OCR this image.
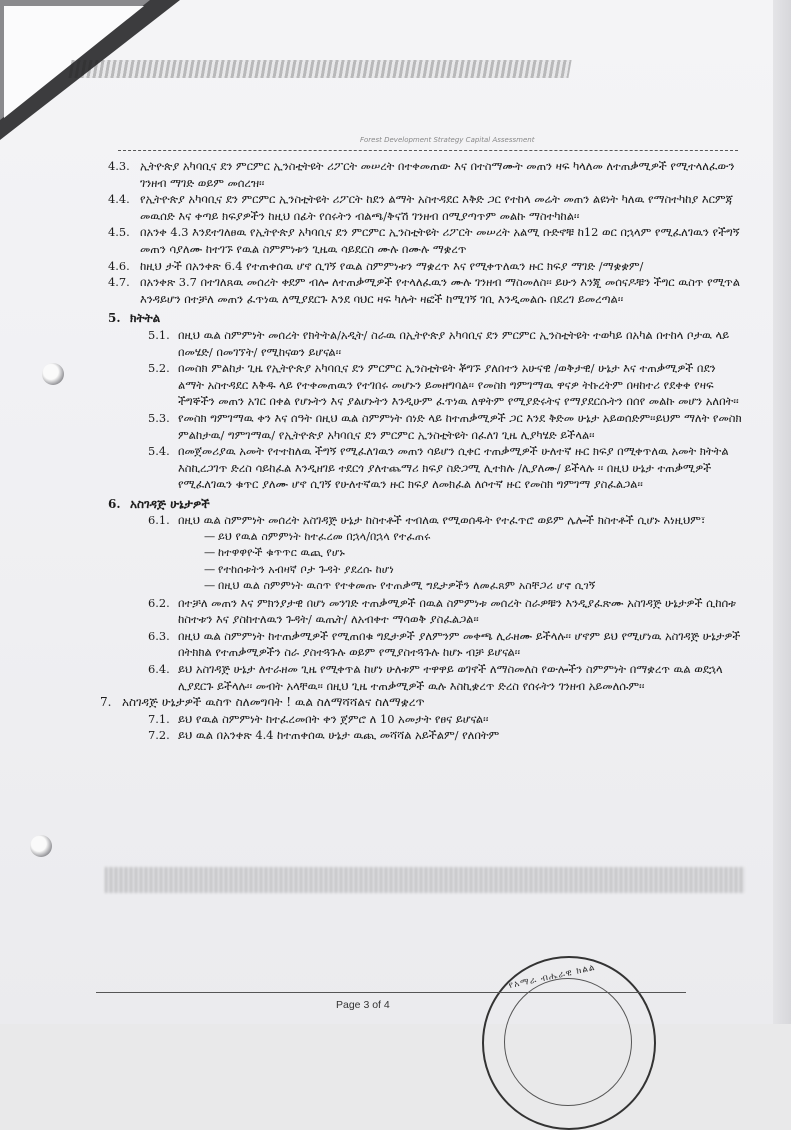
Forest Development Strategy Capital Assessment
4.3. ኢትዮጵያ አካባቢና ደን ምርምር ኢንስቲትዩት ሪፖርት መሠረት በተቀመጠው እና በተስማሙት መጠን ዛፍ ካላለመ ለተጠቃሚዎች የሚተላለፈውን ገንዘብ ማገድ ወይም መሰረዝ፡፡
4.4. የኢትዮጵያ አካባቢና ደን ምርምር ኢንስቲትዩት ሪፖርት ከደን ልማት አስተዳደር እቅድ ጋር የተከላ መሬት መጠን ልዩነት ካለዉ የማስተካከያ እርምጃ መዉሰድ እና ቀጣይ ክፍያዎችን ከዚህ በፊት የሰሩትን ብልጫ/ቅናሽ ገንዘብ በሚያጣጥም መልኩ ማስተካከል፡፡
4.5. በአንቀ 4.3 እንደተገለፀዉ የኢትዮጵያ አካባቢና ደን ምርምር ኢንስቲትዩት ሪፖርት መሠረት አልሚ ቡድኖቹ ከ12 ወር በኋላም የሚፈለገዉን የችግኝ መጠን ሳያለሙ ከተገኙ የዉል ስምምነቱን ጊዜዉ ሳይደርስ ሙሉ በሙሉ ማቋረጥ
4.6. ከዚህ ታች በአንቀጽ 6.4 የተጠቀሰዉ ሆኖ ሲገኝ የዉል ስምምነቱን ማቋረጥ እና የሚቀጥለዉን ዙር ክፍያ ማገድ /ማቋቋም/
4.7. በአንቀጽ 3.7 በተገለጸዉ መሰረት ቀደም ብሎ ለተጠቃሚዎች የተላለፈዉን ሙሉ ገንዘብ ማስመለስ፡፡ ይሁን እንጂ መሰናዶቹን ችግር ዉስጥ የሚጥል እንዳይሆን በተቻለ መጠን ፈጥነዉ ለሚያደርጉ እንደ ባህር ዛፍ ካሉት ዛፎች ከሚገኝ ገቢ እንዲመልሱ በደረገ ይመረጣል፡፡
5. ክትትል
5.1. በዚህ ዉል ስምምነት መሰረት የክትትል/አዲት/ ስራዉ በኢትዮጵያ አካባቢና ደን ምርምር ኢንስቲትዩት ተወካይ በአካል በተከላ ቦታዉ ላይ በመሄድ/ በመገኘት/ የሚከናወን ይሆናል፡፡
5.2. በመስክ ምልከታ ጊዜ የኢትዮጵያ አካባቢና ደን ምርምር ኢንስቲትዩት ቾግኙ ያለበተን አሁናዊ /ወቅታዊ/ ሁኔታ እና ተጠቃሚዎች በደን ልማት አስተዳደር እቅዱ ላይ የተቀመጠዉን የተገበሩ መሆኑን ይመዘግባል፡፡ የመስክ ግምገማዉ ዋናዎ ትኩረትም በዛከተሪ የደቀቀ የዛፍ ችግኞችን መጠን አገር በቀል የሆኑትን እና ያልሆኑትን እንዲሁም ፈጥነዉ ለዋትም የሚያድሩትና የማያደርሱትን በሰየ መልኩ መሆን አለበት፡፡
5.3. የመስክ ግምገማዉ ቀን እና ሰዓት በዚህ ዉል ስምምነት ሰነድ ላይ ከተጠቃሚዎች ጋር እንደ ቅድመ ሁኔታ አይወሰድም፡፡ይህም ማለት የመስክ ምልከታዉ/ ግምገማዉ/ የኢትዮጵያ አካባቢና ደን ምርምር ኢንስቲትዩት በፈለገ ጊዜ ሊያካሄድ ይችላል፡፡
5.4. በመጀመሪያዉ አመት የተተከለዉ ችግኝ የሚፈለገዉን መጠን ሳይሆን ሲቀር ተጠቃሚዎች ሁለተኛ ዙር ክፍያ በሚቀጥለዉ አመት ክትትል እስኪረጋገጥ ድረስ ሳይከፈል እንዲዘገይ ተደርጎ ያለተጨማሪ ክፍያ ስድጋሚ ሊተክሉ /ሊያለሙ/ ይችላሉ ፡፡ በዚህ ሁኔታ ተጠቃሚዎች የሚፈለገዉን ቁጥር ያለሙ ሆኖ ሲገኝ የሁለተኛዉን ዙር ክፍያ ለመክፈል ለሶተኛ ዙር የመስክ ግምገማ ያስፈልጋል፡፡
6. አስገዳጅ ሁኔታዎች
6.1. በዚህ ዉል ስምምነት መሰረት አስገዳጅ ሁኔታ ከስተቶች ተብለዉ የሚወሰዱት የተፈጥሮ ወይም ሌሎች ክስተቶች ሲሆኑ እነዚህም፣
— ይህ የዉል ስምምነት ከተፈረመ በኋላ/በኋላ የተፈጠሩ
— ከተዋዋዮች ቁጥጥር ዉጪ የሆኑ
— የተከሰቱትን አብዛኛ ቦታ ጉዳት ያደረሱ ከሆነ
— በዚህ ዉል ስምምነት ዉስጥ የተቀመጡ የተጠቃሚ ግዴታዎችን ለመፈጸም አስቸጋሪ ሆኖ ሲገኝ
6.2. በተቻለ መጠን እና ምክንያታዊ በሆነ መንገድ ተጠቃሚዎች በዉል ስምምነቱ መሰረት ስራዎቹን እንዲያፈጽሙ አስገዳጅ ሁኔታዎች ሲከሰቱ ከስተቱን እና ያስከተለዉን ጉዳት/ ዉጤት/ ለአብቀተ ማሳወቅ ያስፈልጋል፡፡
6.3. በዚህ ዉል ስምምነት ከተጠቃሚዎች የሚጠበቁ ግዴታዎች ያለምንም መቀጫ ሊራዘሙ ይችላሉ፡፡ ሆኖም ይህ የሚሆነዉ አስገዳጅ ሁኔታዎች በትክክል የተጠቃሚዎችን ስራ ያስተጓጉሉ ወይም የሚያስተጓጉሉ ከሆኑ ብቻ ይሆናል፡፡
6.4. ይህ አስገዳጅ ሁኔታ ለተራዘመ ጊዜ የሚቀጥል ከሆነ ሁለቱም ተዋዋይ ወገኖች ለማስመለስ የውሎችን ስምምነት በማቋረጥ ዉል ወደኋላ ሊያደርጉ ይችላሉ፡፡ መብት አላቸዉ፡፡ በዚህ ጊዜ ተጠቃሚዎች ዉሉ እስኪቋረጥ ድረስ የሰሩትን ገንዘብ አይመለሱም፡፡
7. አስገዳጅ ሁኔታዎች ዉስጥ ስለመግባት ! ዉል ስለማሻሻልና ስለማቋረጥ
7.1. ይህ የዉል ስምምነት ከተፈረመበት ቀን ጀምሮ ለ 10 አመታት የፀና ይሆናል፡፡
7.2. ይህ ዉል በአንቀጽ 4.4 ከተጠቀሰዉ ሁኔታ ዉጪ መሻሻል አይችልም/ የለበትም
የአማራ ብሔራዊ ክልል
Page 3 of 4
